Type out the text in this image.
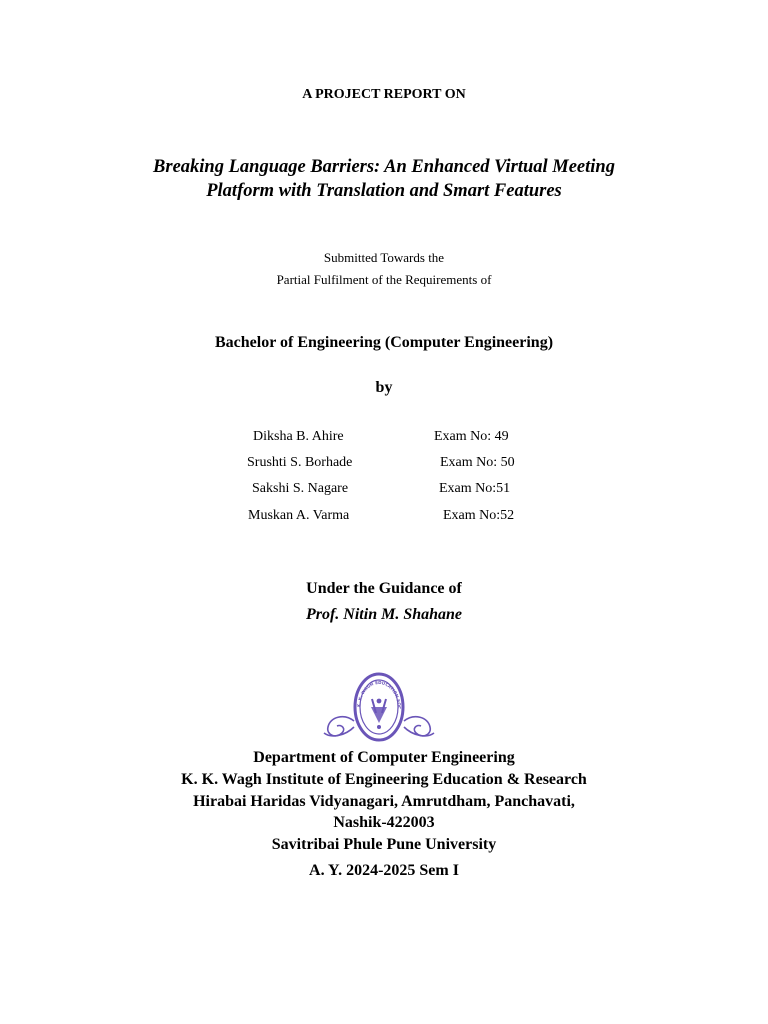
A PROJECT REPORT ON
Breaking Language Barriers: An Enhanced Virtual Meeting
Platform with Translation and Smart Features
Submitted Towards the
Partial Fulfilment of the Requirements of
Bachelor of Engineering (Computer Engineering)
by
Diksha B. Ahire	Exam No: 49
Srushti S. Borhade	Exam No: 50
Sakshi S. Nagare	Exam No:51
Muskan A. Varma	Exam No:52
Under the Guidance of
Prof. Nitin M. Shahane
K. K. WAGH EDUCATION SOC
Department of Computer Engineering
K. K. Wagh Institute of Engineering Education & Research
Hirabai Haridas Vidyanagari, Amrutdham, Panchavati,
Nashik-422003
Savitribai Phule Pune University
A. Y. 2024-2025 Sem I
